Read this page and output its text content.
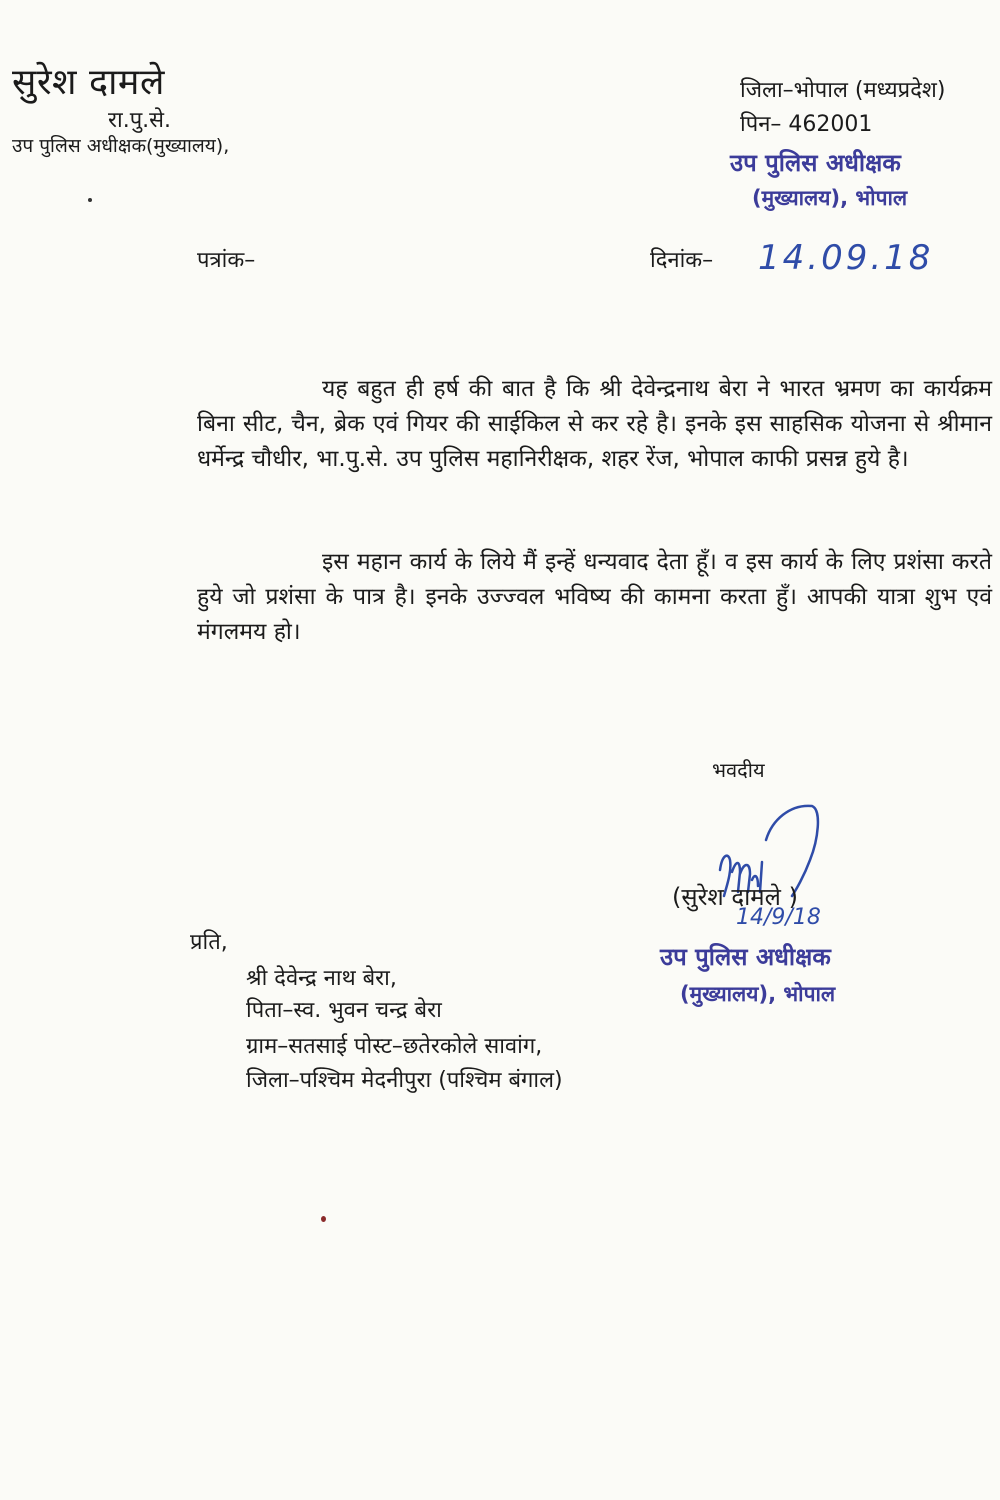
सुरेश दामले

रा.पु.से.

उप पुलिस अधीक्षक(मुख्यालय),

जिला–भोपाल (मध्यप्रदेश)

पिन– 462001

उप पुलिस अधीक्षक

(मुख्यालय), भोपाल

पत्रांक–	दिनांक– 14.09.18

यह बहुत ही हर्ष की बात है कि श्री देवेन्द्रनाथ बेरा ने भारत भ्रमण का कार्यक्रम बिना सीट, चैन, ब्रेक एवं गियर की साईकिल से कर रहे है। इनके इस साहसिक योजना से श्रीमान धर्मेन्द्र चौधीर, भा.पु.से. उप पुलिस महानिरीक्षक, शहर रेंज, भोपाल काफी प्रसन्न हुये है।

इस महान कार्य के लिये मैं इन्हें धन्यवाद देता हूँ। व इस कार्य के लिए प्रशंसा करते हुये जो प्रशंसा के पात्र है। इनके उज्ज्वल भविष्य की कामना करता हुँ। आपकी यात्रा शुभ एवं मंगलमय हो।

भवदीय

(सुरेश दामले )

14/9/18

उप पुलिस अधीक्षक

(मुख्यालय), भोपाल

प्रति,

श्री देवेन्द्र नाथ बेरा,

पिता–स्व. भुवन चन्द्र बेरा

ग्राम–सतसाई पोस्ट–छतेरकोले सावांग,

जिला–पश्चिम मेदनीपुरा (पश्चिम बंगाल)
